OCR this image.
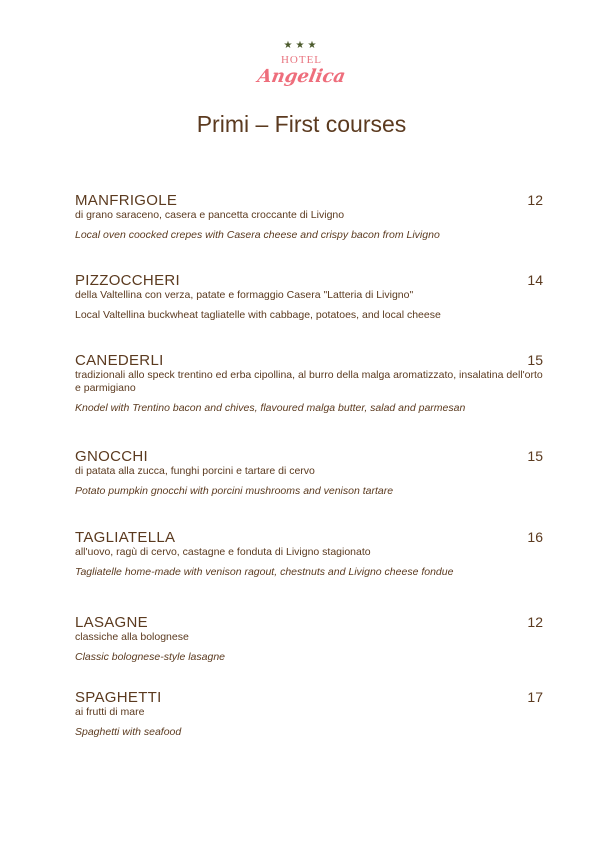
★★★
HOTEL
Angelica
Primi – First courses
MANFRIGOLE	12
di grano saraceno, casera e pancetta croccante di Livigno
Local oven coocked crepes with Casera cheese and crispy bacon from Livigno
PIZZOCCHERI	14
della Valtellina con verza, patate e formaggio Casera "Latteria di Livigno"
Local Valtellina buckwheat tagliatelle with cabbage, potatoes, and local cheese
CANEDERLI	15
tradizionali allo speck trentino ed erba cipollina, al burro della malga aromatizzato, insalatina dell'orto e parmigiano
Knodel with Trentino bacon and chives, flavoured malga butter, salad and parmesan
GNOCCHI	15
di patata alla zucca, funghi porcini e tartare di cervo
Potato pumpkin gnocchi with porcini mushrooms and venison tartare
TAGLIATELLA	16
all'uovo, ragù di cervo, castagne e fonduta di Livigno stagionato
Tagliatelle home-made with venison ragout, chestnuts and Livigno cheese fondue
LASAGNE	12
classiche alla bolognese
Classic bolognese-style lasagne
SPAGHETTI	17
ai frutti di mare
Spaghetti with seafood
